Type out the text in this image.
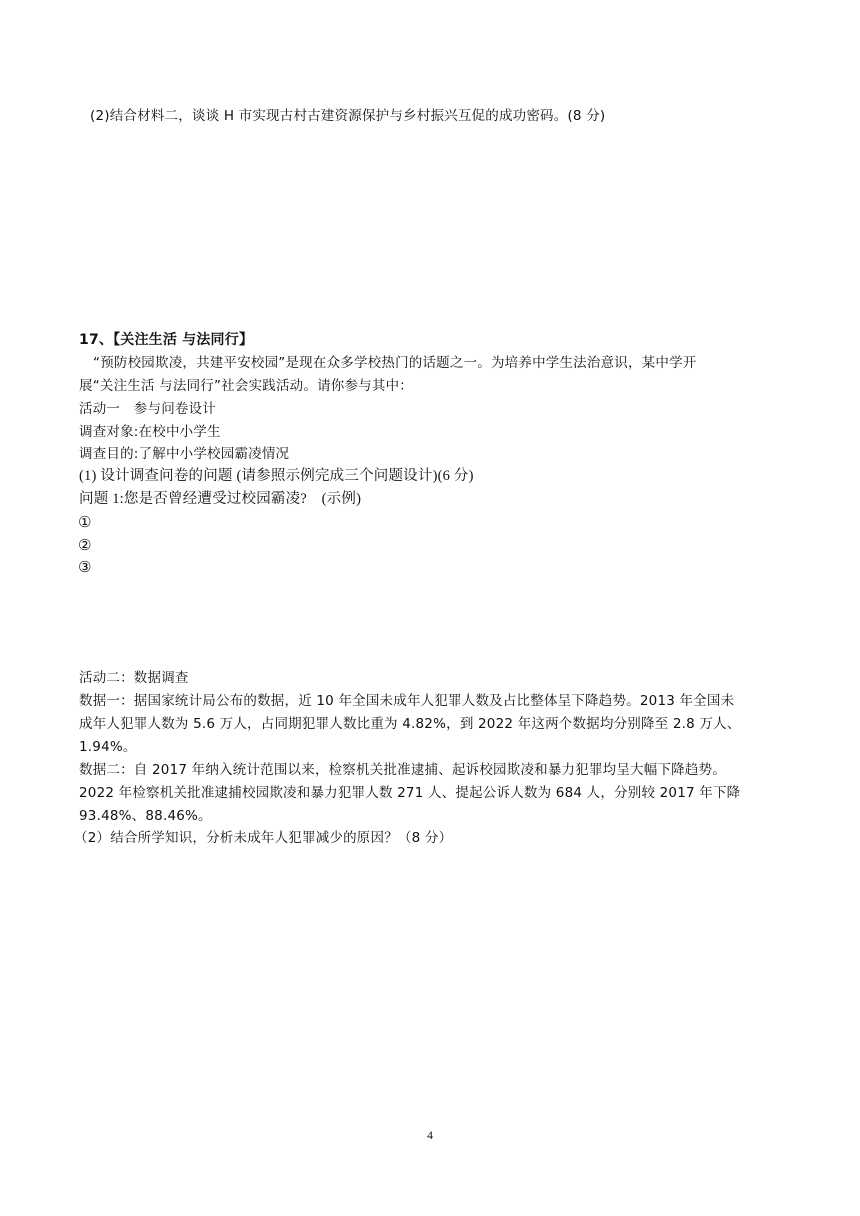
(2)结合材料二，谈谈 H 市实现古村古建资源保护与乡村振兴互促的成功密码。(8 分)
17、【关注生活 与法同行】
“预防校园欺凌，共建平安校园”是现在众多学校热门的话题之一。为培养中学生法治意识，某中学开
展“关注生活 与法同行”社会实践活动。请你参与其中：
活动一　参与问卷设计
调查对象:在校中小学生
调查目的:了解中小学校园霸凌情况
(1) 设计调查问卷的问题 (请参照示例完成三个问题设计)(6 分)
问题 1:您是否曾经遭受过校园霸凌?　(示例)
①
②
③
活动二：数据调查
数据一：据国家统计局公布的数据，近 10 年全国未成年人犯罪人数及占比整体呈下降趋势。2013 年全国未
成年人犯罪人数为 5.6 万人，占同期犯罪人数比重为 4.82%，到 2022 年这两个数据均分别降至 2.8 万人、
1.94%。
数据二：自 2017 年纳入统计范围以来，检察机关批准逮捕、起诉校园欺凌和暴力犯罪均呈大幅下降趋势。
2022 年检察机关批准逮捕校园欺凌和暴力犯罪人数 271 人、提起公诉人数为 684 人，分别较 2017 年下降
93.48%、88.46%。
（2）结合所学知识，分析未成年人犯罪减少的原因？（8 分）
4
